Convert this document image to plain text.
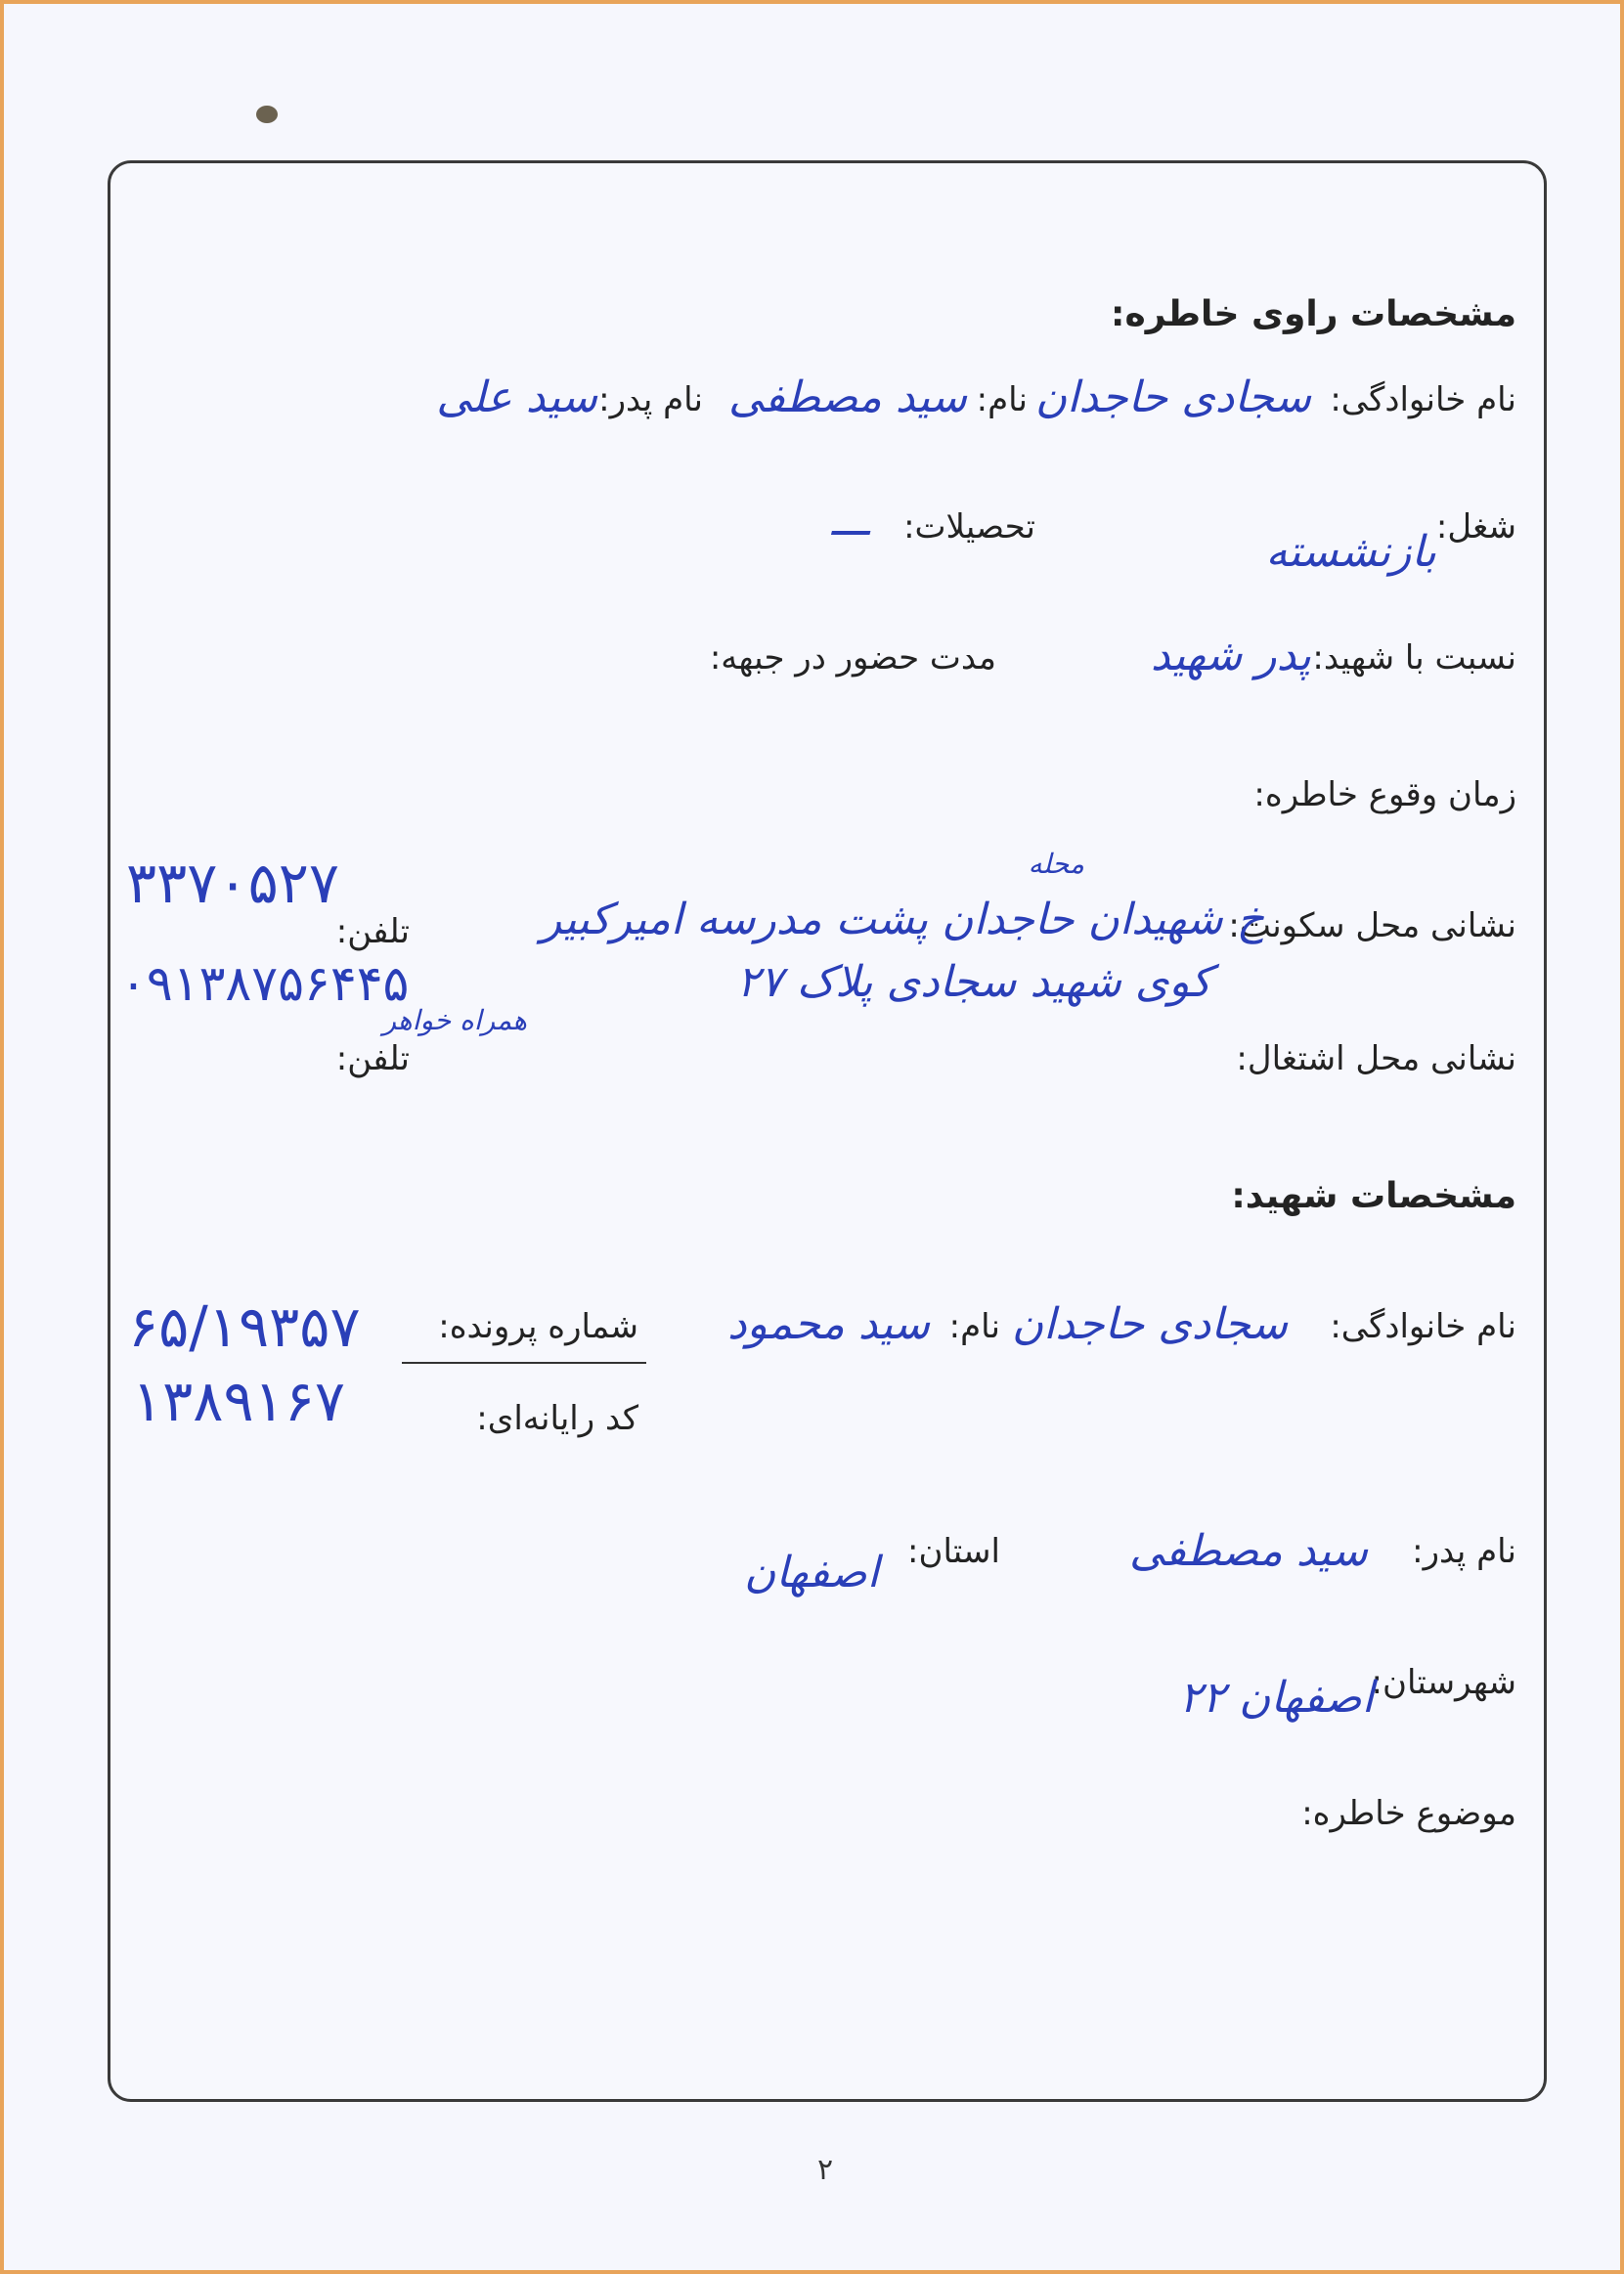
مشخصات راوی خاطره:
نام خانوادگی:
سجادی حاجدان
نام:
سید مصطفی
نام پدر:
سید علی
شغل:
بازنشسته
تحصیلات:
ـــ
نسبت با شهید:
پدر شهید
مدت حضور در جبهه:
زمان وقوع خاطره:
نشانی محل سکونت:
محله
خ شهیدان حاجدان پشت مدرسه امیرکبیر
کوی شهید سجادی پلاک ۲۷
تلفن:
۳۳۷۰۵۲۷
۰۹۱۳۸۷۵۶۴۴۵
همراه خواهر
نشانی محل اشتغال:
تلفن:
مشخصات شهید:
نام خانوادگی:
سجادی حاجدان
نام:
سید محمود
شماره پرونده:
۶۵/۱۹۳۵۷
کد رایانه‌ای:
۱۳۸۹۱۶۷
نام پدر:
سید مصطفی
استان:
اصفهان
شهرستان:
اصفهان ۲۲
موضوع خاطره:
۲
